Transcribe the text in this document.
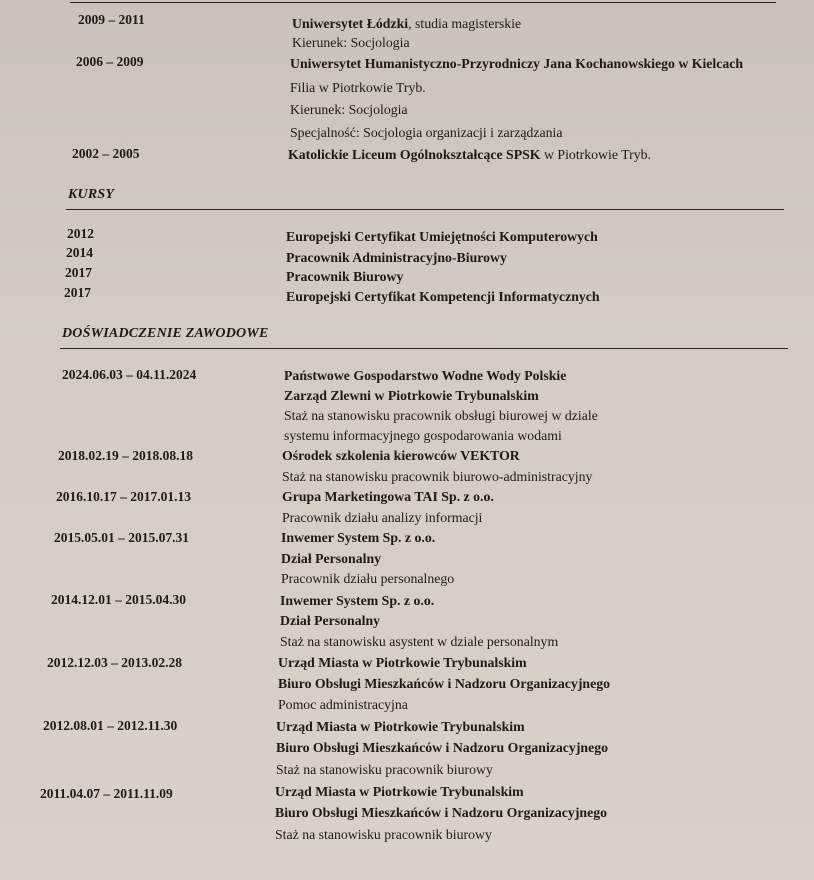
2009 – 2011	Uniwersytet Łódzki, studia magisterskie
Kierunek: Socjologia
2006 – 2009	Uniwersytet Humanistyczno-Przyrodniczy Jana Kochanowskiego w Kielcach
Filia w Piotrkowie Tryb.
Kierunek: Socjologia
Specjalność: Socjologia organizacji i zarządzania
2002 – 2005	Katolickie Liceum Ogólnokształcące SPSK w Piotrkowie Tryb.
KURSY
2012	Europejski Certyfikat Umiejętności Komputerowych
2014	Pracownik Administracyjno-Biurowy
2017	Pracownik Biurowy
2017	Europejski Certyfikat Kompetencji Informatycznych
DOŚWIADCZENIE ZAWODOWE
2024.06.03 – 04.11.2024	Państwowe Gospodarstwo Wodne Wody Polskie
Zarząd Zlewni w Piotrkowie Trybunalskim
Staż na stanowisku pracownik obsługi biurowej w dziale
systemu informacyjnego gospodarowania wodami
2018.02.19 – 2018.08.18	Ośrodek szkolenia kierowców VEKTOR
Staż na stanowisku pracownik biurowo-administracyjny
2016.10.17 – 2017.01.13	Grupa Marketingowa TAI Sp. z o.o.
Pracownik działu analizy informacji
2015.05.01 – 2015.07.31	Inwemer System Sp. z o.o.
Dział Personalny
Pracownik działu personalnego
2014.12.01 – 2015.04.30	Inwemer System Sp. z o.o.
Dział Personalny
Staż na stanowisku asystent w dziale personalnym
2012.12.03 – 2013.02.28	Urząd Miasta w Piotrkowie Trybunalskim
Biuro Obsługi Mieszkańców i Nadzoru Organizacyjnego
Pomoc administracyjna
2012.08.01 – 2012.11.30	Urząd Miasta w Piotrkowie Trybunalskim
Biuro Obsługi Mieszkańców i Nadzoru Organizacyjnego
Staż na stanowisku pracownik biurowy
2011.04.07 – 2011.11.09	Urząd Miasta w Piotrkowie Trybunalskim
Biuro Obsługi Mieszkańców i Nadzoru Organizacyjnego
Staż na stanowisku pracownik biurowy
